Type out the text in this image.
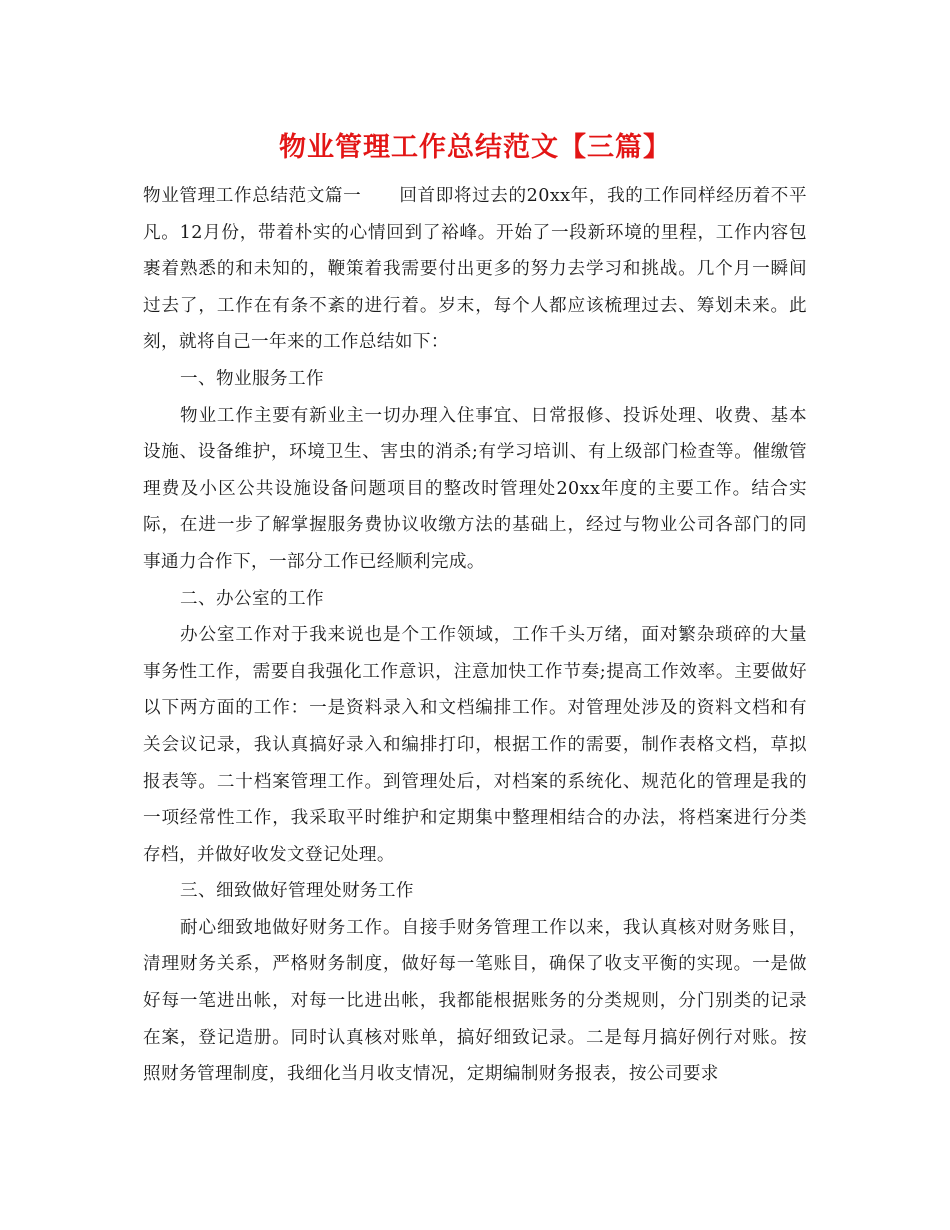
物业管理工作总结范文【三篇】

物业管理工作总结范文篇一 回首即将过去的20xx年，我的工作同样经历着不平凡。12月份，带着朴实的心情回到了裕峰。开始了一段新环境的里程，工作内容包裹着熟悉的和未知的，鞭策着我需要付出更多的努力去学习和挑战。几个月一瞬间过去了，工作在有条不紊的进行着。岁末，每个人都应该梳理过去、筹划未来。此刻，就将自己一年来的工作总结如下：

一、物业服务工作

物业工作主要有新业主一切办理入住事宜、日常报修、投诉处理、收费、基本设施、设备维护，环境卫生、害虫的消杀;有学习培训、有上级部门检查等。催缴管理费及小区公共设施设备问题项目的整改时管理处20xx年度的主要工作。结合实际，在进一步了解掌握服务费协议收缴方法的基础上，经过与物业公司各部门的同事通力合作下，一部分工作已经顺利完成。

二、办公室的工作

办公室工作对于我来说也是个工作领域，工作千头万绪，面对繁杂琐碎的大量事务性工作，需要自我强化工作意识，注意加快工作节奏;提高工作效率。主要做好以下两方面的工作：一是资料录入和文档编排工作。对管理处涉及的资料文档和有关会议记录，我认真搞好录入和编排打印，根据工作的需要，制作表格文档，草拟报表等。二十档案管理工作。到管理处后，对档案的系统化、规范化的管理是我的一项经常性工作，我采取平时维护和定期集中整理相结合的办法，将档案进行分类存档，并做好收发文登记处理。

三、细致做好管理处财务工作

耐心细致地做好财务工作。自接手财务管理工作以来，我认真核对财务账目，清理财务关系，严格财务制度，做好每一笔账目，确保了收支平衡的实现。一是做好每一笔进出帐，对每一比进出帐，我都能根据账务的分类规则，分门别类的记录在案，登记造册。同时认真核对账单，搞好细致记录。二是每月搞好例行对账。按照财务管理制度，我细化当月收支情况，定期编制财务报表，按公司要求
